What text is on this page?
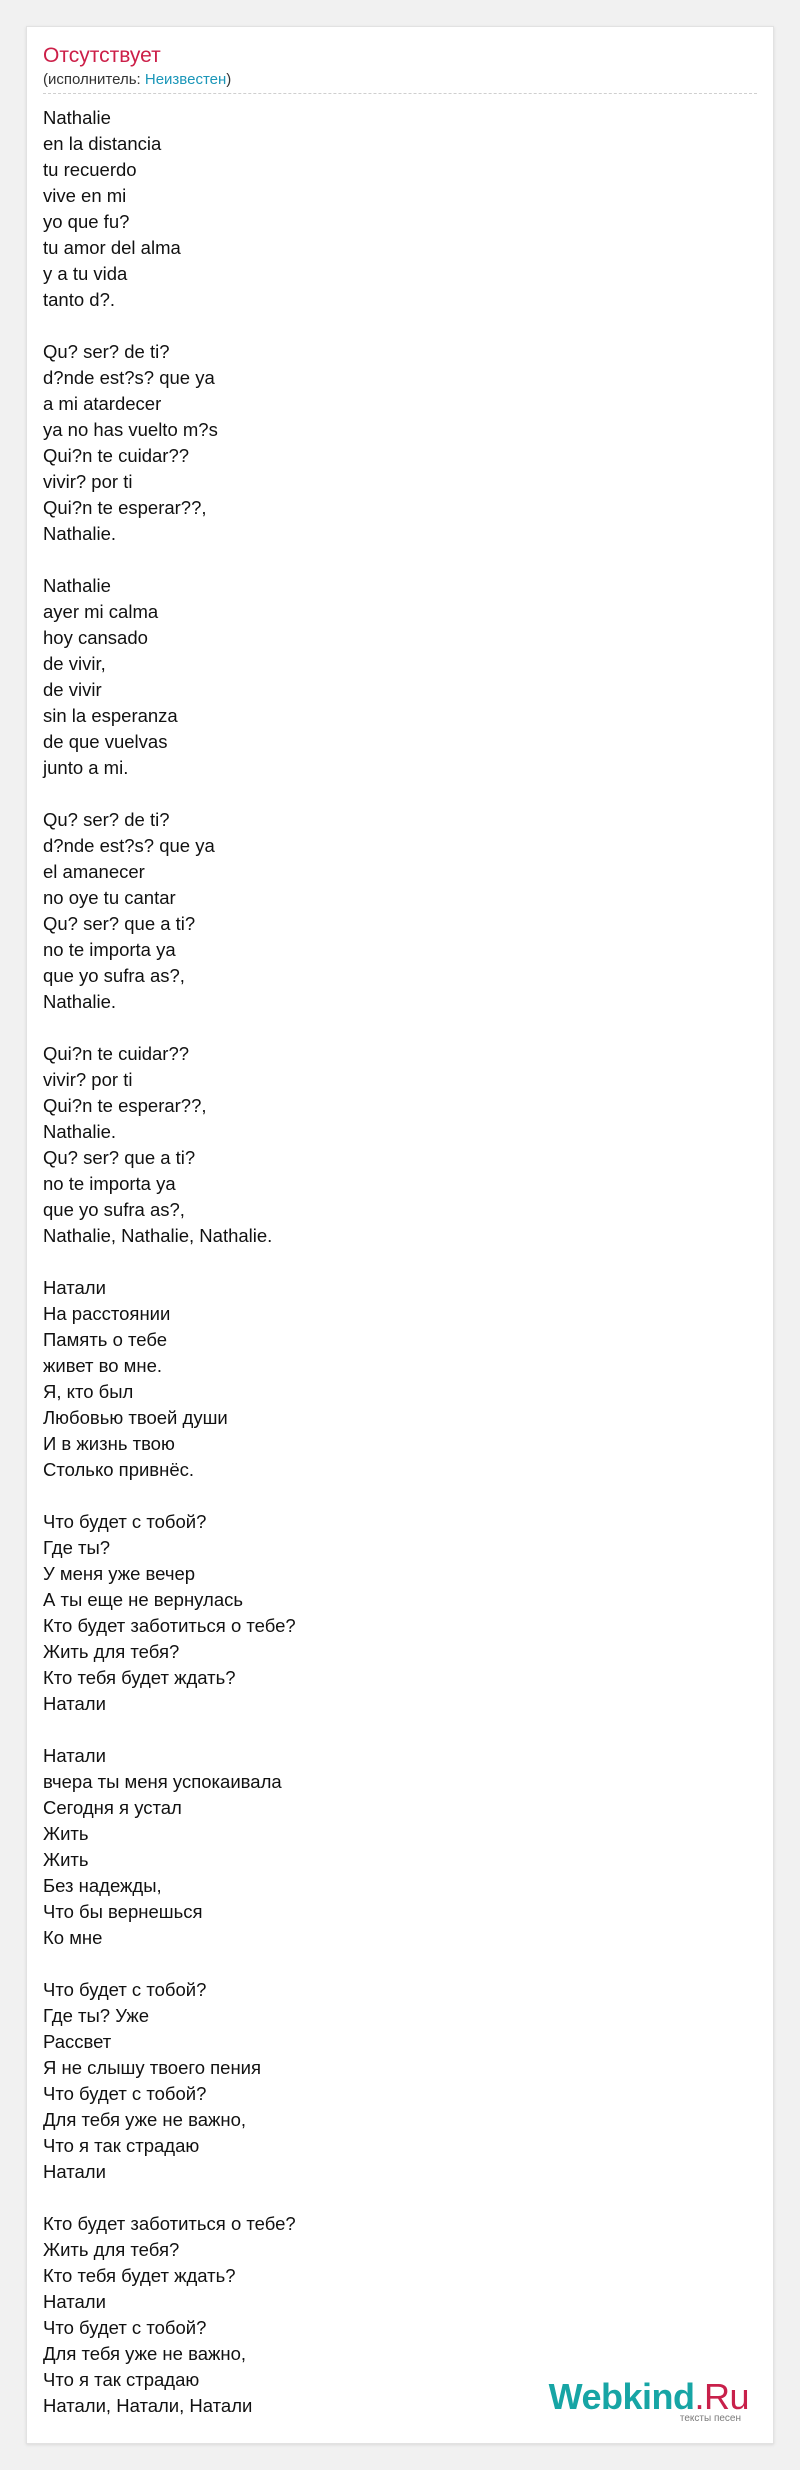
Отсутствует
(исполнитель: Неизвестен)
Nathalie
en la distancia
tu recuerdo
vive en mi
yo que fu?
tu amor del alma
y a tu vida
tanto d?.
Qu? ser? de ti?
d?nde est?s? que ya
a mi atardecer
ya no has vuelto m?s
Qui?n te cuidar??
vivir? por ti
Qui?n te esperar??,
Nathalie.
Nathalie
ayer mi calma
hoy cansado
de vivir,
de vivir
sin la esperanza
de que vuelvas
junto a mi.
Qu? ser? de ti?
d?nde est?s? que ya
el amanecer
no oye tu cantar
Qu? ser? que a ti?
no te importa ya
que yo sufra as?,
Nathalie.
Qui?n te cuidar??
vivir? por ti
Qui?n te esperar??,
Nathalie.
Qu? ser? que a ti?
no te importa ya
que yo sufra as?,
Nathalie, Nathalie, Nathalie.
Натали
На расстоянии
Память о тебе
живет во мне.
Я, кто был
Любовью твоей души
И в жизнь твою
Столько привнёс.
Что будет с тобой?
Где ты?
У меня уже вечер
А ты еще не вернулась
Кто будет заботиться о тебе?
Жить для тебя?
Кто тебя будет ждать?
Натали
Натали
вчера ты меня успокаивала
Сегодня я устал
Жить
Жить
Без надежды,
Что бы вернешься
Ко мне
Что будет с тобой?
Где ты? Уже
Рассвет
Я не слышу твоего пения
Что будет с тобой?
Для тебя уже не важно,
Что я так страдаю
Натали
Кто будет заботиться о тебе?
Жить для тебя?
Кто тебя будет ждать?
Натали
Что будет с тобой?
Для тебя уже не важно,
Что я так страдаю
Натали, Натали, Натали	Webkind.Ru
тексты песен
